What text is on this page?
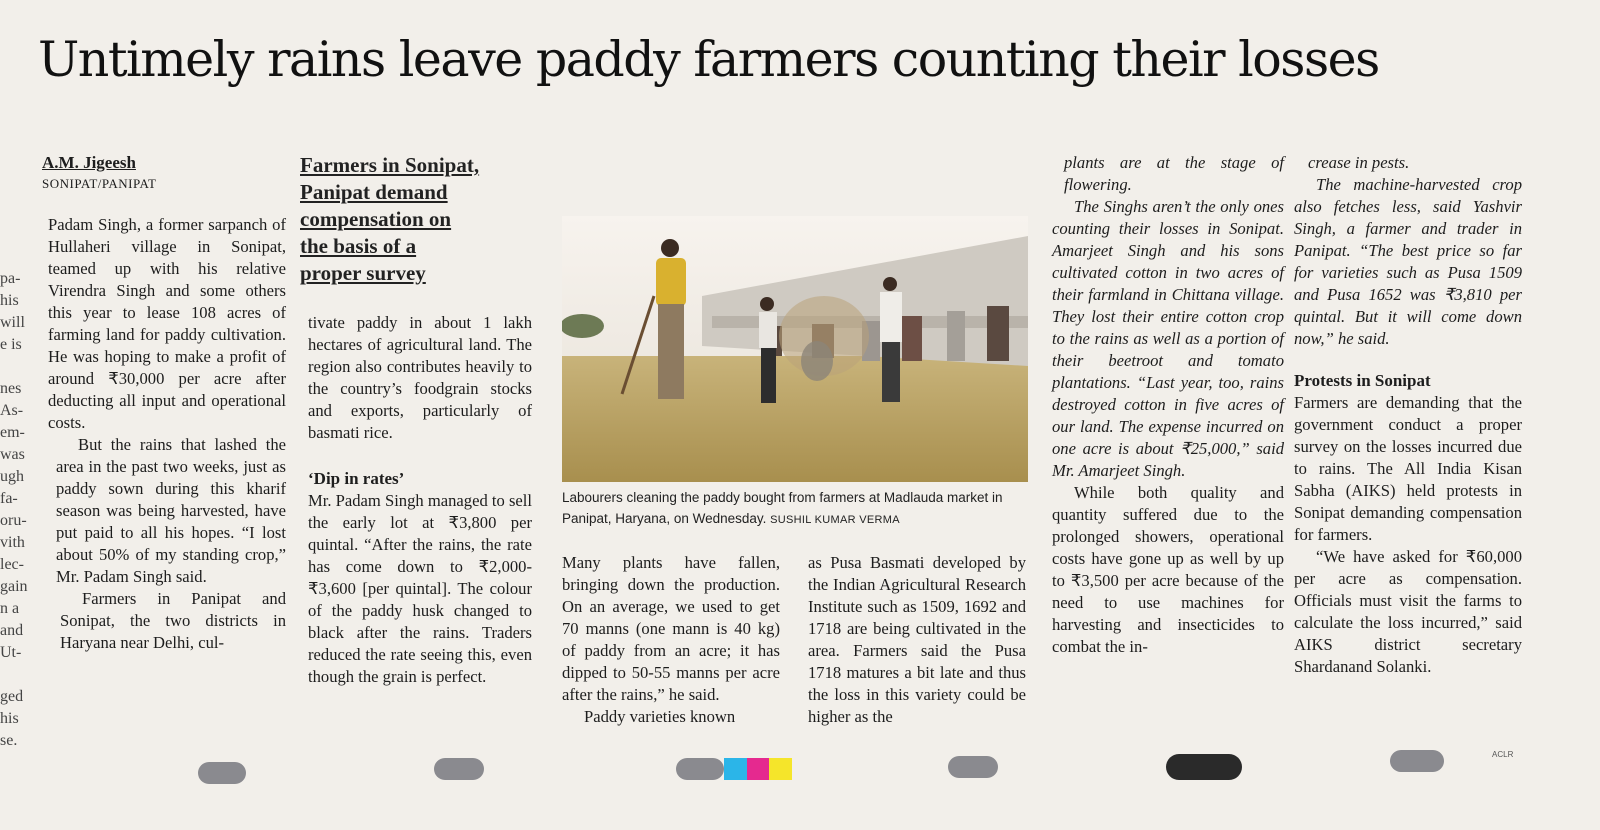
Untimely rains leave paddy farmers counting their losses
pa-
his
will
e is

nes
As-
em-
was
ugh
fa-
oru-
vith
lec-
gain
n a
and
Ut-

ged
his
se.

A.M. Jigeesh

SONIPAT/PANIPAT

Padam Singh, a former sarpanch of Hullaheri village in Sonipat, teamed up with his relative Virendra Singh and some others this year to lease 108 acres of farming land for paddy cultivation. He was hoping to make a profit of around ₹30,000 per acre after deducting all input and operational costs.

But the rains that lashed the area in the past two weeks, just as paddy sown during this kharif season was being harvested, have put paid to all his hopes. “I lost about 50% of my standing crop,” Mr. Padam Singh said.

Farmers in Panipat and Sonipat, the two districts in Haryana near Delhi, cul-

Farmers in Sonipat,
Panipat demand
compensation on
the basis of a
proper survey

tivate paddy in about 1 lakh hectares of agricultural land. The region also contributes heavily to the country’s foodgrain stocks and exports, particularly of basmati rice.

‘Dip in rates’

Mr. Padam Singh managed to sell the early lot at ₹3,800 per quintal. “After the rains, the rate has come down to ₹2,000-₹3,600 [per quintal]. The colour of the paddy husk changed to black after the rains. Traders reduced the rate seeing this, even though the grain is perfect.

Labourers cleaning the paddy bought from farmers at Madlauda market in Panipat, Haryana, on Wednesday. SUSHIL KUMAR VERMA

Many plants have fallen, bringing down the production. On an average, we used to get 70 manns (one mann is 40 kg) of paddy from an acre; it has dipped to 50-55 manns per acre after the rains,” he said.

Paddy varieties known

as Pusa Basmati developed by the Indian Agricultural Research Institute such as 1509, 1692 and 1718 are being cultivated in the area. Farmers said the Pusa 1718 matures a bit late and thus the loss in this variety could be higher as the

plants are at the stage of flowering.

The Singhs aren’t the only ones counting their losses in Sonipat. Amarjeet Singh and his sons cultivated cotton in two acres of their farmland in Chittana village. They lost their entire cotton crop to the rains as well as a portion of their beetroot and tomato plantations. “Last year, too, rains destroyed cotton in five acres of our land. The expense incurred on one acre is about ₹25,000,” said Mr. Amarjeet Singh.

While both quality and quantity suffered due to the prolonged showers, operational costs have gone up as well by up to ₹3,500 per acre because of the need to use machines for harvesting and insecticides to combat the in-

crease in pests.

The machine-harvested crop also fetches less, said Yashvir Singh, a farmer and trader in Panipat. “The best price so far for varieties such as Pusa 1509 and Pusa 1652 was ₹3,810 per quintal. But it will come down now,” he said.

Protests in Sonipat

Farmers are demanding that the government conduct a proper survey on the losses incurred due to rains. The All India Kisan Sabha (AIKS) held protests in Sonipat demanding compensation for farmers.

“We have asked for ₹60,000 per acre as compensation. Officials must visit the farms to calculate the loss incurred,” said AIKS district secretary Shardanand Solanki.

ACLR
